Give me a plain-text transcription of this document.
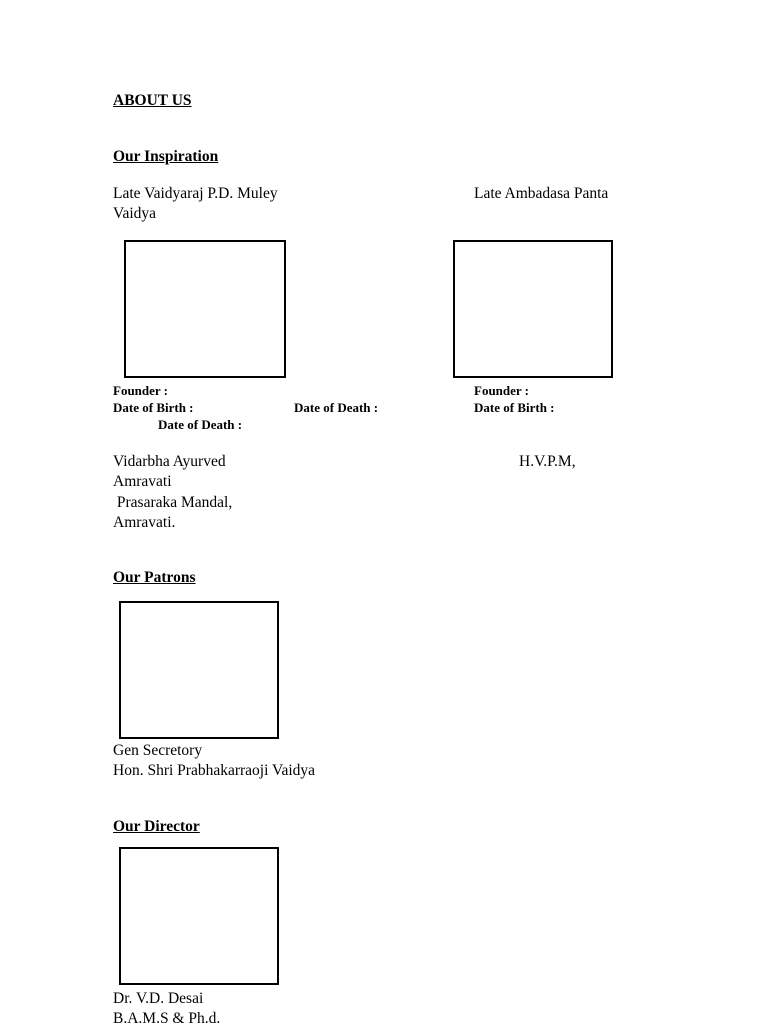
ABOUT US
Our Inspiration
Late Vaidyaraj P.D. Muley	Late Ambadasa Panta
Vaidya
Founder :	Founder :
Date of Birth :	Date of Death :	Date of Birth :
Date of Death :
Vidarbha Ayurved	H.V.P.M,
Amravati
Prasaraka Mandal,
Amravati.
Our Patrons
Gen Secretory
Hon. Shri Prabhakarraoji Vaidya
Our Director
Dr. V.D. Desai
B.A.M.S & Ph.d.
